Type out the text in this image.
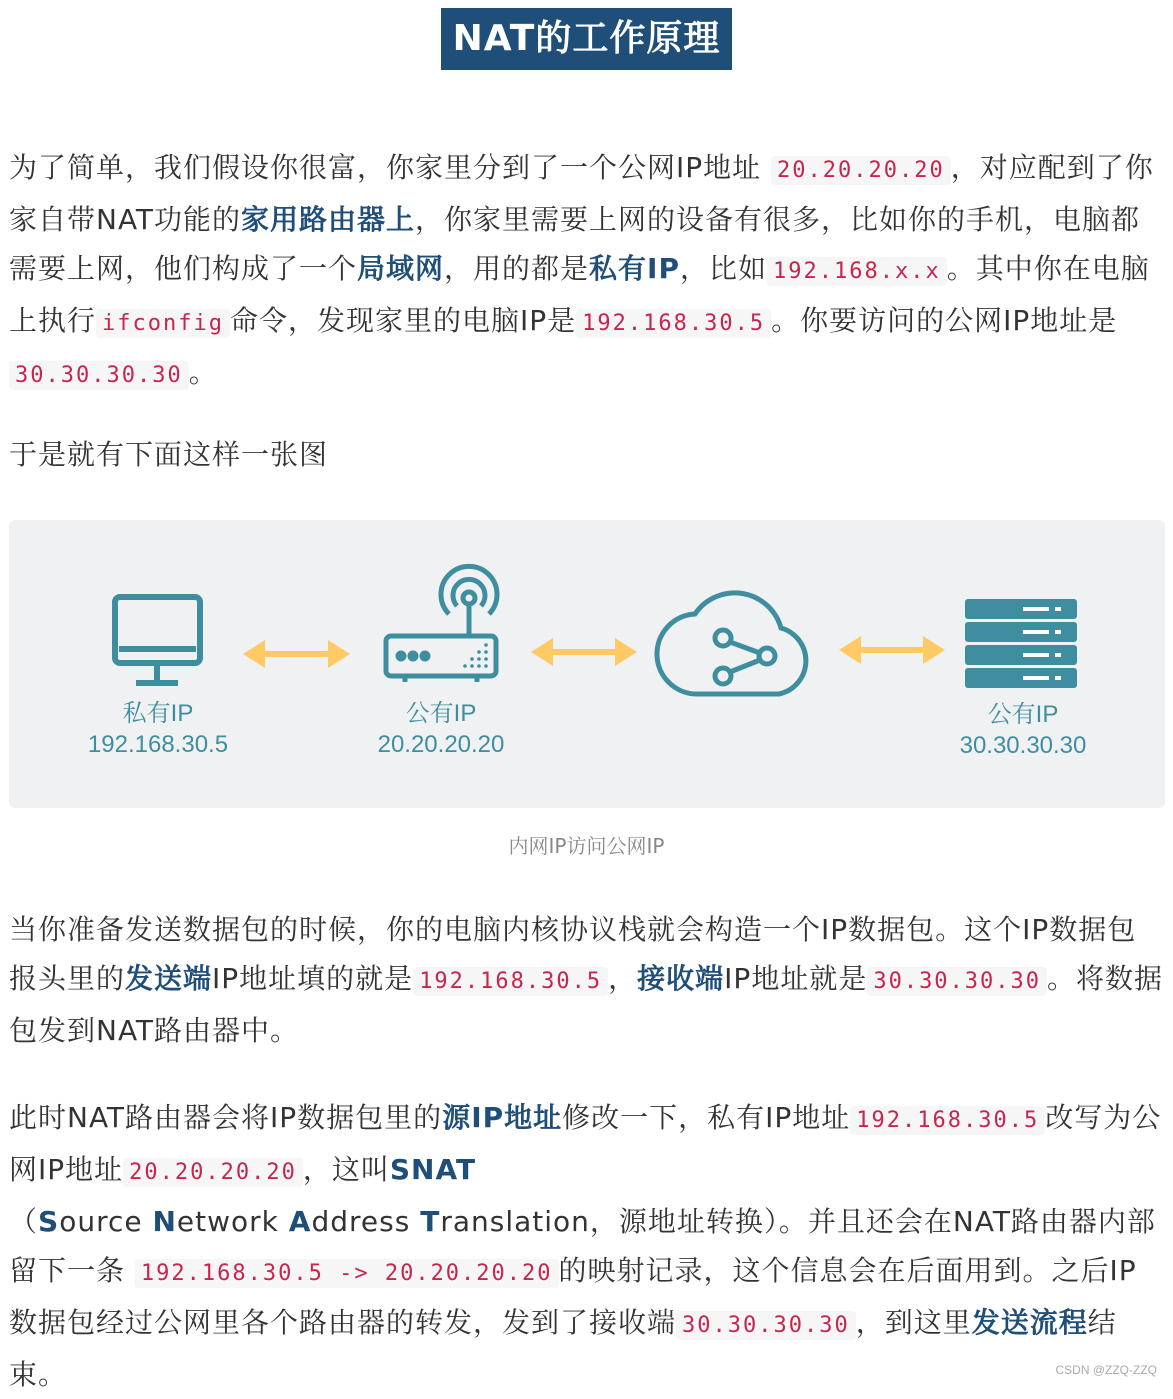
NAT的工作原理
为了简单，我们假设你很富，你家里分到了一个公网IP地址 20.20.20.20 ，对应配到了你家自带NAT功能的家用路由器上，你家里需要上网的设备有很多，比如你的手机，电脑都需要上网，他们构成了一个局域网，用的都是私有IP，比如 192.168.x.x 。其中你在电脑上执行 ifconfig 命令，发现家里的电脑IP是 192.168.30.5 。你要访问的公网IP地址是30.30.30.30 。
于是就有下面这样一张图
私有IP
192.168.30.5
公有IP
20.20.20.20
公有IP
30.30.30.30
内网IP访问公网IP
当你准备发送数据包的时候，你的电脑内核协议栈就会构造一个IP数据包。这个IP数据包报头里的发送端IP地址填的就是 192.168.30.5 ，接收端IP地址就是 30.30.30.30 。将数据包发到NAT路由器中。
此时NAT路由器会将IP数据包里的源IP地址修改一下，私有IP地址 192.168.30.5 改写为公网IP地址 20.20.20.20 ，这叫SNAT
（Source Network Address Translation，源地址转换）。并且还会在NAT路由器内部留下一条 192.168.30.5 -> 20.20.20.20 的映射记录，这个信息会在后面用到。之后IP数据包经过公网里各个路由器的转发，发到了接收端 30.30.30.30 ，到这里发送流程结束。	CSDN @ZZQ-ZZQ
